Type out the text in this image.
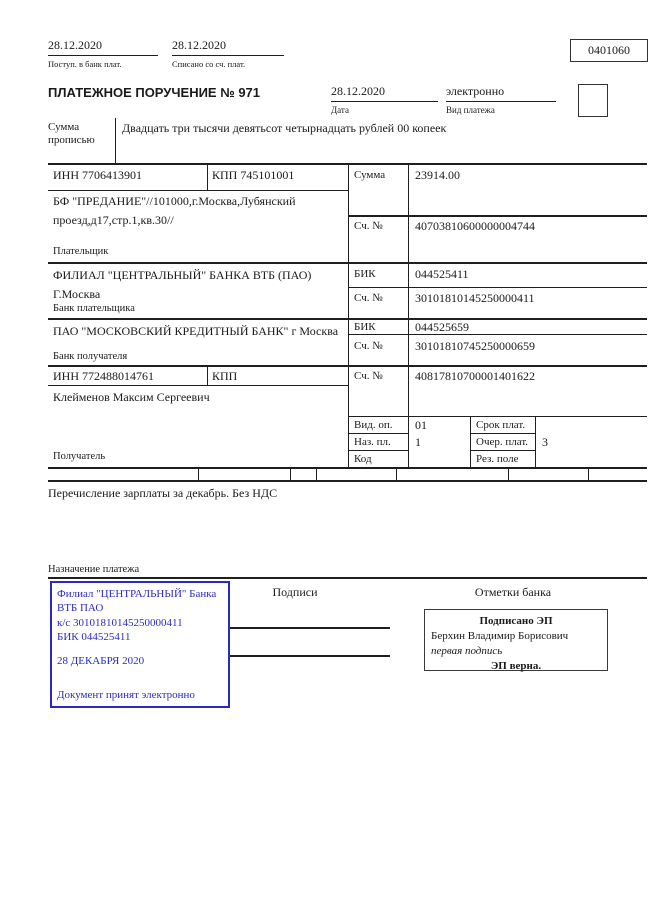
28.12.2020
Поступ. в банк плат.
28.12.2020
Списано со сч. плат.
0401060
ПЛАТЕЖНОЕ ПОРУЧЕНИЕ № 971	28.12.2020
Дата
электронно
Вид платежа
Сумма
прописью
Двадцать три тысячи девятьсот четырнадцать рублей 00 копеек
ИНН 7706413901	КПП 745101001	Сумма 23914.00
БФ "ПРЕДАНИЕ"//101000,г.Москва,Лубянский проезд,д17,стр.1,кв.30//	Сч. №	40703810600000004744
Плательщик
ФИЛИАЛ "ЦЕНТРАЛЬНЫЙ" БАНКА ВТБ (ПАО) Г.Москва
БИК	044525411
Сч. №	30101810145250000411
Банк плательщика
ПАО "МОСКОВСКИЙ КРЕДИТНЫЙ БАНК" г Москва	БИК	044525659
Сч. №	30101810745250000659
Банк получателя
ИНН 772488014761	КПП	Сч. №	40817810700001401622
Клейменов Максим Сергеевич
Получатель
Вид. оп. 01	Срок плат.
Наз. пл. 1	Очер. плат. 3
Код	Рез. поле
Перечисление зарплаты за декабрь. Без НДС
Назначение платежа
Подписи	Отметки банка
Филиал "ЦЕНТРАЛЬНЫЙ" Банка
ВТБ ПАО
к/с 30101810145250000411
БИК 044525411
28 ДЕКАБРЯ 2020
Документ принят электронно
Подписано ЭП
Берхин Владимир Борисович
первая подпись
ЭП верна.
